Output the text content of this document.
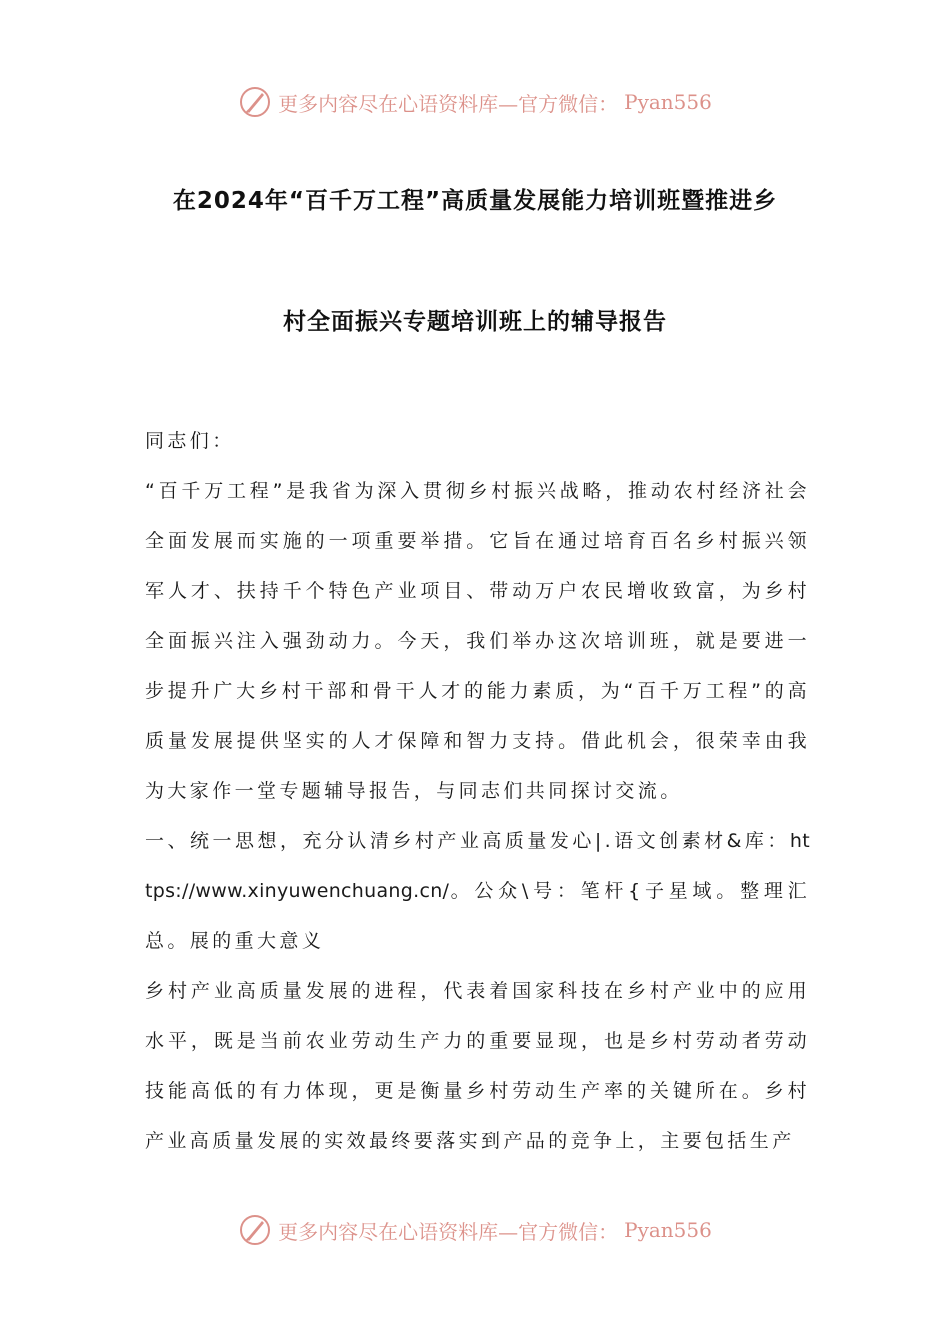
更多内容尽在心语资料库—官方微信： Pyan556
在2024年“百千万工程”高质量发展能力培训班暨推进乡
村全面振兴专题培训班上的辅导报告

同志们：

“百千万工程”是我省为深入贯彻乡村振兴战略，推动农村经济社会全面发展而实施的一项重要举措。它旨在通过培育百名乡村振兴领军人才、扶持千个特色产业项目、带动万户农民增收致富，为乡村全面振兴注入强劲动力。今天，我们举办这次培训班，就是要进一步提升广大乡村干部和骨干人才的能力素质，为“百千万工程”的高质量发展提供坚实的人才保障和智力支持。借此机会，很荣幸由我为大家作一堂专题辅导报告，与同志们共同探讨交流。

一、统一思想，充分认清乡村产业高质量发心|.语文创素材&库：https://www.xinyuwenchuang.cn/。公众\号：笔杆{子星域。整理汇总。展的重大意义

乡村产业高质量发展的进程，代表着国家科技在乡村产业中的应用水平，既是当前农业劳动生产力的重要显现，也是乡村劳动者劳动技能高低的有力体现，更是衡量乡村劳动生产率的关键所在。乡村产业高质量发展的实效最终要落实到产品的竞争上，主要包括生产

更多内容尽在心语资料库—官方微信： Pyan556
